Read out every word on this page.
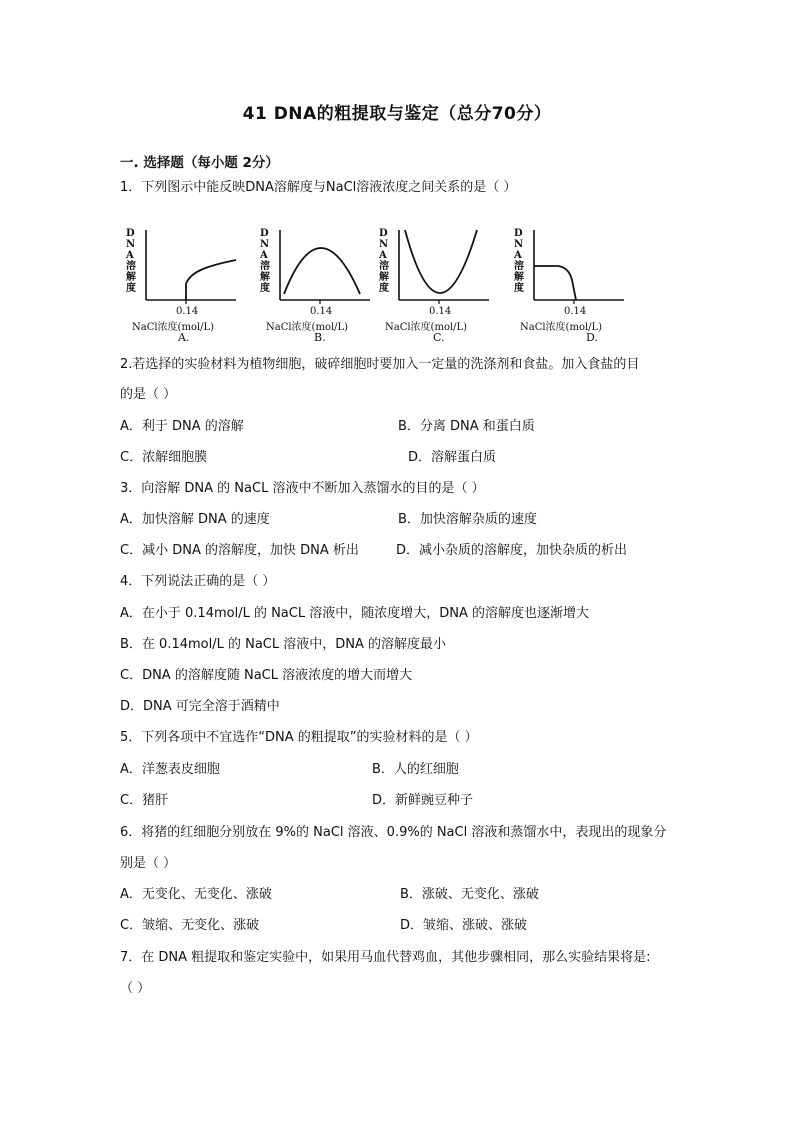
41 DNA的粗提取与鉴定（总分70分）
一. 选择题（每小题 2分）
1．下列图示中能反映DNA溶解度与NaCl溶液浓度之间关系的是（ ）
DNA溶解度
0.14
NaCl浓度(mol/L)
A.
DNA溶解度
0.14
NaCl浓度(mol/L)
B.
DNA溶解度
0.14
NaCl浓度(mol/L)
C.
DNA溶解度
0.14
NaCl浓度(mol/L)
D.
2.若选择的实验材料为植物细胞，破碎细胞时要加入一定量的洗涤剂和食盐。加入食盐的目
的是（ ）
A．利于 DNA 的溶解	B．分离 DNA 和蛋白质
C．浓解细胞膜	D．溶解蛋白质
3．向溶解 DNA 的 NaCL 溶液中不断加入蒸馏水的目的是（ ）
A．加快溶解 DNA 的速度	B．加快溶解杂质的速度
C．减小 DNA 的溶解度，加快 DNA 析出	D．减小杂质的溶解度，加快杂质的析出
4．下列说法正确的是（ ）
A．在小于 0.14mol/L 的 NaCL 溶液中，随浓度增大，DNA 的溶解度也逐渐增大
B．在 0.14mol/L 的 NaCL 溶液中，DNA 的溶解度最小
C．DNA 的溶解度随 NaCL 溶液浓度的增大而增大
D．DNA 可完全溶于酒精中
5．下列各项中不宜选作“DNA 的粗提取”的实验材料的是（ ）
A．洋葱表皮细胞	B．人的红细胞
C．猪肝	D．新鲜豌豆种子
6．将猪的红细胞分别放在 9%的 NaCl 溶液、0.9%的 NaCl 溶液和蒸馏水中，表现出的现象分
别是（ ）
A．无变化、无变化、涨破	B．涨破、无变化、涨破
C．皱缩、无变化、涨破	D．皱缩、涨破、涨破
7．在 DNA 粗提取和鉴定实验中，如果用马血代替鸡血，其他步骤相同，那么实验结果将是:
（ ）
